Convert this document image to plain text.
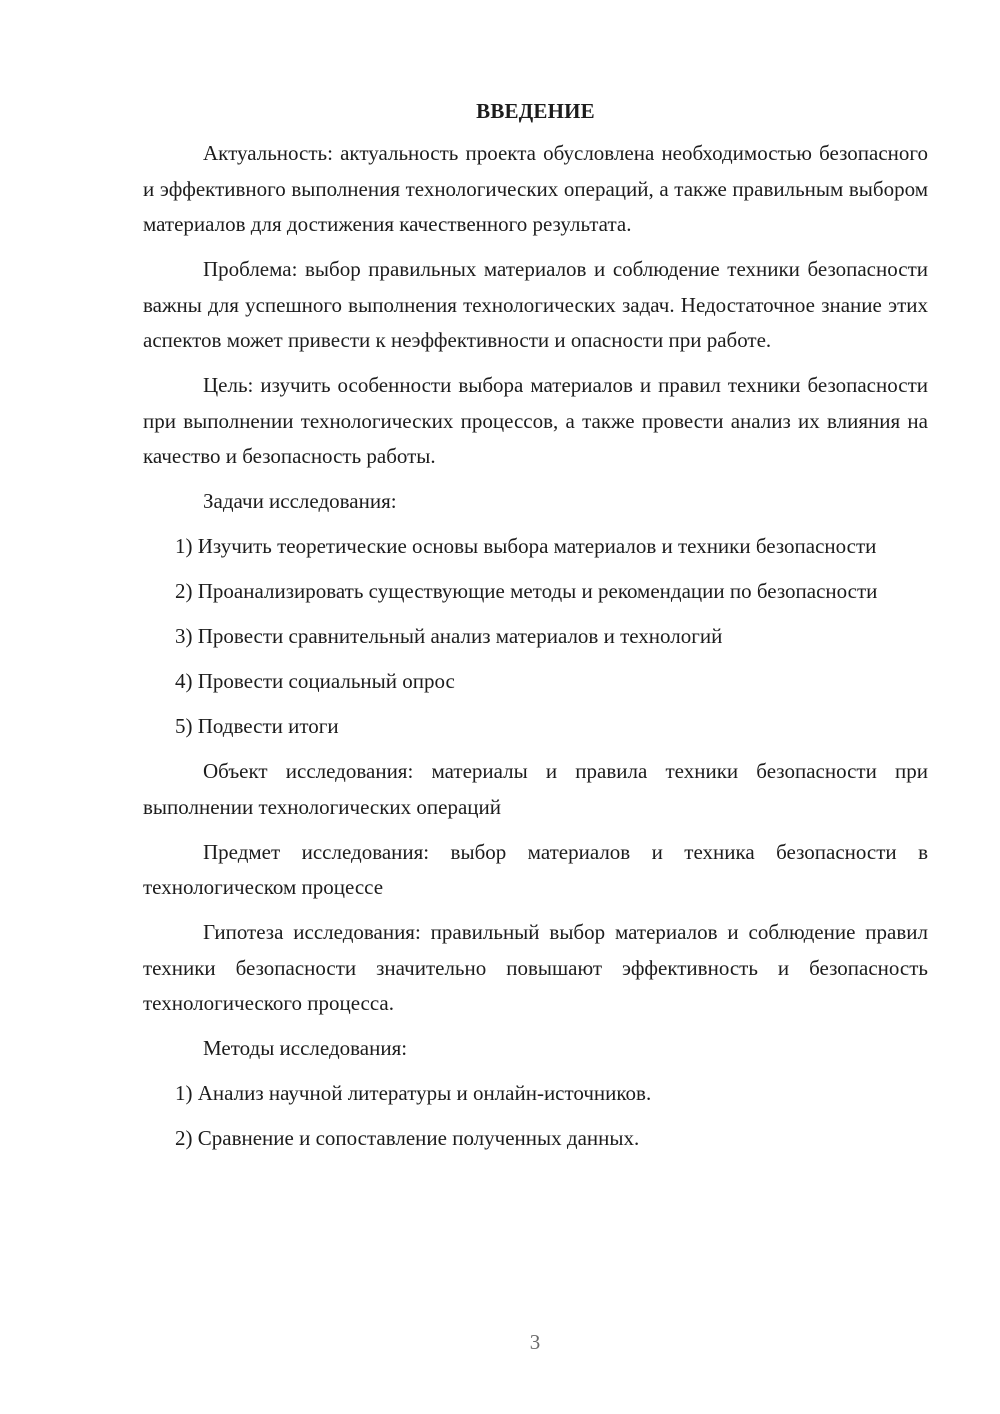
ВВЕДЕНИЕ

Актуальность: актуальность проекта обусловлена необходимостью безопасного и эффективного выполнения технологических операций, а также правильным выбором материалов для достижения качественного результата.

Проблема: выбор правильных материалов и соблюдение техники безопасности важны для успешного выполнения технологических задач. Недостаточное знание этих аспектов может привести к неэффективности и опасности при работе.

Цель: изучить особенности выбора материалов и правил техники безопасности при выполнении технологических процессов, а также провести анализ их влияния на качество и безопасность работы.

Задачи исследования:

1) Изучить теоретические основы выбора материалов и техники безопасности

2) Проанализировать существующие методы и рекомендации по безопасности

3) Провести сравнительный анализ материалов и технологий

4) Провести социальный опрос

5) Подвести итоги

Объект исследования: материалы и правила техники безопасности при выполнении технологических операций

Предмет исследования: выбор материалов и техника безопасности в технологическом процессе

Гипотеза исследования: правильный выбор материалов и соблюдение правил техники безопасности значительно повышают эффективность и безопасность технологического процесса.

Методы исследования:

1) Анализ научной литературы и онлайн-источников.

2) Сравнение и сопоставление полученных данных.

3
